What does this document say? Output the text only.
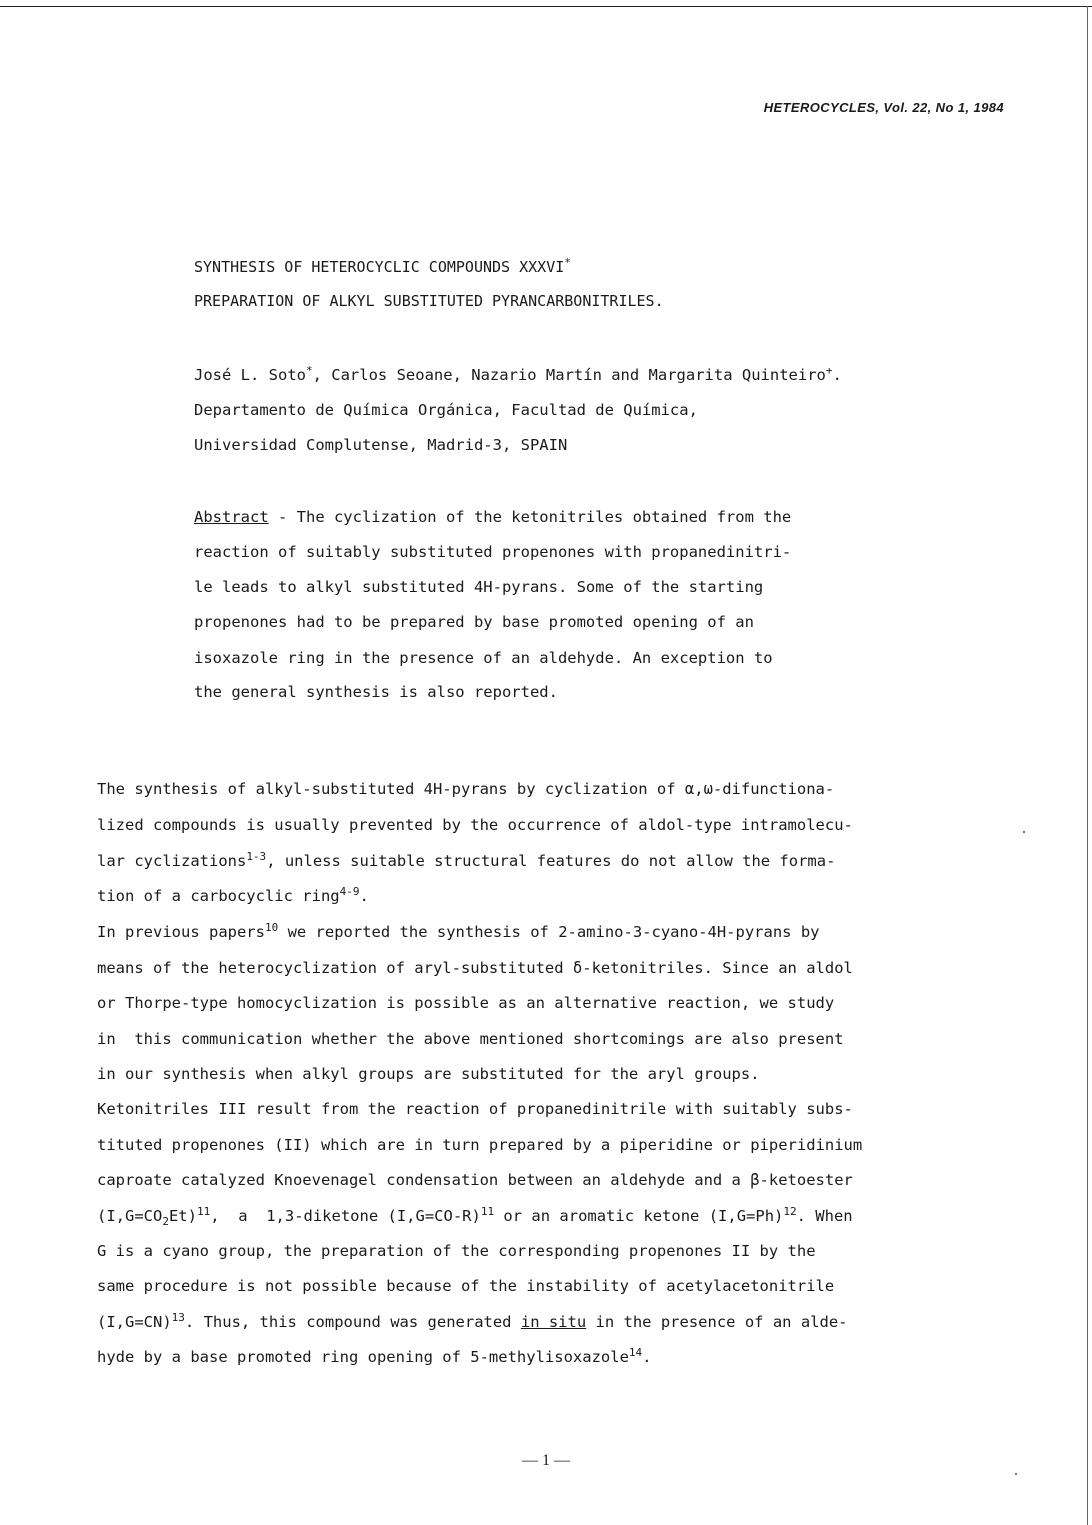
HETEROCYCLES, Vol. 22, No 1, 1984
SYNTHESIS OF HETEROCYCLIC COMPOUNDS XXXVI*
PREPARATION OF ALKYL SUBSTITUTED PYRANCARBONITRILES.
José L. Soto*, Carlos Seoane, Nazario Martín and Margarita Quinteiro+.
Departamento de Química Orgánica, Facultad de Química,
Universidad Complutense, Madrid-3, SPAIN
Abstract - The cyclization of the ketonitriles obtained from the
reaction of suitably substituted propenones with propanedinitri-
le leads to alkyl substituted 4H-pyrans. Some of the starting
propenones had to be prepared by base promoted opening of an
isoxazole ring in the presence of an aldehyde. An exception to
the general synthesis is also reported.
The synthesis of alkyl-substituted 4H-pyrans by cyclization of α,ω-difunctiona-
lized compounds is usually prevented by the occurrence of aldol-type intramolecu-
lar cyclizations$^{1-3}$, unless suitable structural features do not allow the forma-
tion of a carbocyclic ring$^{4-9}$.
In previous papers$^{10}$ we reported the synthesis of 2-amino-3-cyano-4H-pyrans by
means of the heterocyclization of aryl-substituted δ-ketonitriles. Since an aldol
or Thorpe-type homocyclization is possible as an alternative reaction, we study
in  this communication whether the above mentioned shortcomings are also present
in our synthesis when alkyl groups are substituted for the aryl groups.
Ketonitriles III result from the reaction of propanedinitrile with suitably subs-
tituted propenones (II) which are in turn prepared by a piperidine or piperidinium
caproate catalyzed Knoevenagel condensation between an aldehyde and a β-ketoester
$(I,G=CO_2Et)^{11}$,  a  1,3-diketone (I,G=CO-R)$^{11}$ or an aromatic ketone (I,G=Ph)$^{12}$. When
G is a cyano group, the preparation of the corresponding propenones II by the
same procedure is not possible because of the instability of acetylacetonitrile
(I,G=CN)$^{13}$. Thus, this compound was generated in situ in the presence of an alde-
hyde by a base promoted ring opening of 5-methylisoxazole$^{14}$.
— 1 —
